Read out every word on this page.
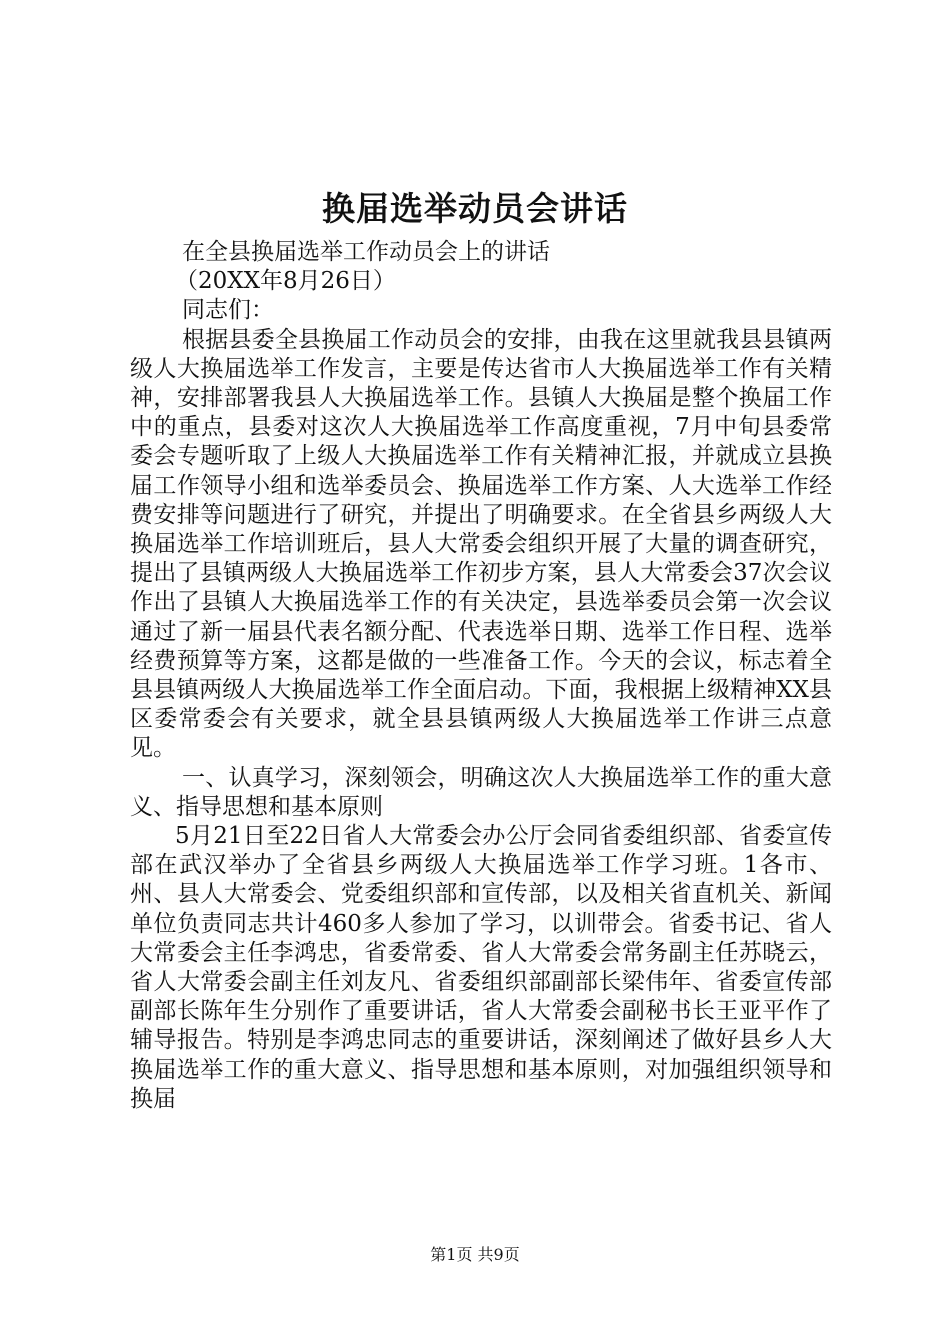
换届选举动员会讲话

在全县换届选举工作动员会上的讲话

（20XX年8月26日）

同志们：

根据县委全县换届工作动员会的安排，由我在这里就我县县镇两级人大换届选举工作发言，主要是传达省市人大换届选举工作有关精神，安排部署我县人大换届选举工作。县镇人大换届是整个换届工作中的重点，县委对这次人大换届选举工作高度重视，7月中旬县委常委会专题听取了上级人大换届选举工作有关精神汇报，并就成立县换届工作领导小组和选举委员会、换届选举工作方案、人大选举工作经费安排等问题进行了研究，并提出了明确要求。在全省县乡两级人大换届选举工作培训班后，县人大常委会组织开展了大量的调查研究，提出了县镇两级人大换届选举工作初步方案，县人大常委会37次会议作出了县镇人大换届选举工作的有关决定，县选举委员会第一次会议通过了新一届县代表名额分配、代表选举日期、选举工作日程、选举经费预算等方案，这都是做的一些准备工作。今天的会议，标志着全县县镇两级人大换届选举工作全面启动。下面，我根据上级精神XX县区委常委会有关要求，就全县县镇两级人大换届选举工作讲三点意见。

一、认真学习，深刻领会，明确这次人大换届选举工作的重大意义、指导思想和基本原则

5月21日至22日省人大常委会办公厅会同省委组织部、省委宣传部在武汉举办了全省县乡两级人大换届选举工作学习班。1各市、州、县人大常委会、党委组织部和宣传部，以及相关省直机关、新闻单位负责同志共计460多人参加了学习，以训带会。省委书记、省人大常委会主任李鸿忠，省委常委、省人大常委会常务副主任苏晓云，省人大常委会副主任刘友凡、省委组织部副部长梁伟年、省委宣传部副部长陈年生分别作了重要讲话，省人大常委会副秘书长王亚平作了辅导报告。特别是李鸿忠同志的重要讲话，深刻阐述了做好县乡人大换届选举工作的重大意义、指导思想和基本原则，对加强组织领导和换届

第1页 共9页
